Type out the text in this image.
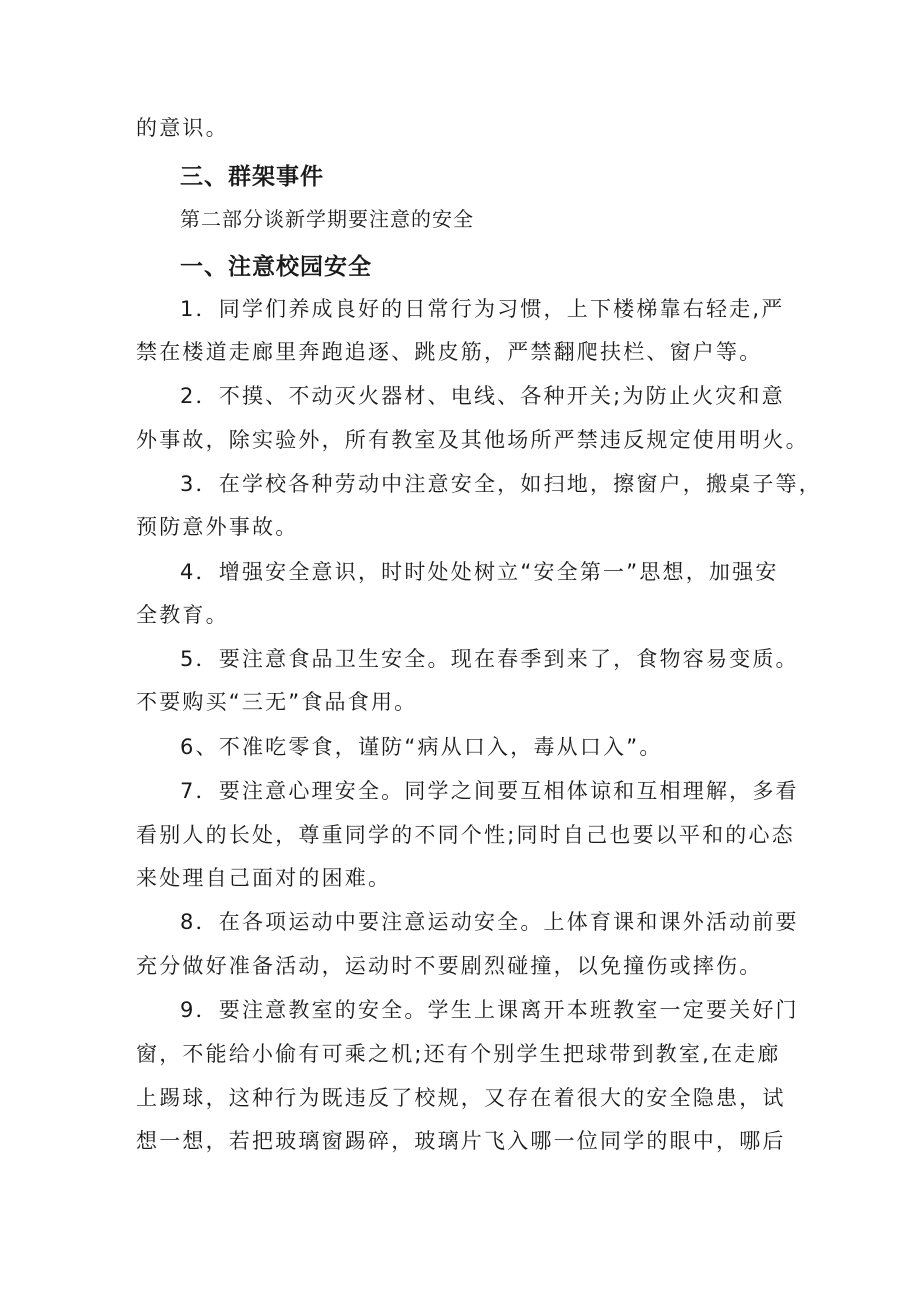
的意识。
三、群架事件
第二部分谈新学期要注意的安全
一、注意校园安全
1．同学们养成良好的日常行为习惯，上下楼梯靠右轻走,严
禁在楼道走廊里奔跑追逐、跳皮筋，严禁翻爬扶栏、窗户等。
2．不摸、不动灭火器材、电线、各种开关;为防止火灾和意
外事故，除实验外，所有教室及其他场所严禁违反规定使用明火。
3．在学校各种劳动中注意安全，如扫地，擦窗户，搬桌子等，
预防意外事故。
4．增强安全意识，时时处处树立“安全第一”思想，加强安
全教育。
5．要注意食品卫生安全。现在春季到来了，食物容易变质。
不要购买“三无”食品食用。
6、不准吃零食，谨防“病从口入，毒从口入”。
7．要注意心理安全。同学之间要互相体谅和互相理解，多看
看别人的长处，尊重同学的不同个性;同时自己也要以平和的心态
来处理自己面对的困难。
8．在各项运动中要注意运动安全。上体育课和课外活动前要
充分做好准备活动，运动时不要剧烈碰撞，以免撞伤或摔伤。
9．要注意教室的安全。学生上课离开本班教室一定要关好门
窗，不能给小偷有可乘之机;还有个别学生把球带到教室,在走廊
上踢球，这种行为既违反了校规，又存在着很大的安全隐患，试
想一想，若把玻璃窗踢碎，玻璃片飞入哪一位同学的眼中，哪后
